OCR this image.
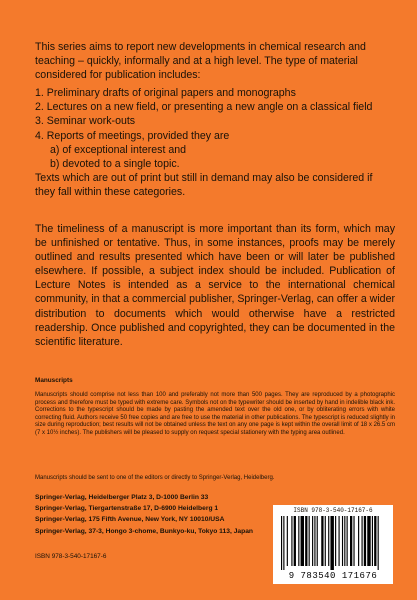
This series aims to report new developments in chemical research and teaching – quickly, informally and at a high level. The type of material considered for publication includes:

1. Preliminary drafts of original papers and monographs
2. Lectures on a new field, or presenting a new angle on a classical field
3. Seminar work-outs
4. Reports of meetings, provided they are
a) of exceptional interest and
b) devoted to a single topic.

Texts which are out of print but still in demand may also be considered if they fall within these categories.

The timeliness of a manuscript is more important than its form, which may be unfinished or tentative. Thus, in some instances, proofs may be merely outlined and results presented which have been or will later be published elsewhere. If possible, a subject index should be included. Publication of Lecture Notes is intended as a service to the international chemical community, in that a commercial publisher, Springer-Verlag, can offer a wider distribution to documents which would otherwise have a restricted readership. Once published and copyrighted, they can be documented in the scientific literature.

Manuscripts

Manuscripts should comprise not less than 100 and preferably not more than 500 pages. They are reproduced by a photographic process and therefore must be typed with extreme care. Symbols not on the typewriter should be inserted by hand in indelible black ink. Corrections to the typescript should be made by pasting the amended text over the old one, or by obliterating errors with white correcting fluid. Authors receive 50 free copies and are free to use the material in other publications. The typescript is reduced slightly in size during reproduction; best results will not be obtained unless the text on any one page is kept within the overall limit of 18 x 26.5 cm (7 x 10½ inches). The publishers will be pleased to supply on request special stationery with the typing area outlined.

Manuscripts should be sent to one of the editors or directly to Springer-Verlag, Heidelberg.

Springer-Verlag, Heidelberger Platz 3, D-1000 Berlin 33
Springer-Verlag, Tiergartenstraße 17, D-6900 Heidelberg 1
Springer-Verlag, 175 Fifth Avenue, New York, NY 10010/USA
Springer-Verlag, 37-3, Hongo 3-chome, Bunkyo-ku, Tokyo 113, Japan
ISBN 978-3-540-17167-6
ISBN 978-3-540-17167-6
9 783540 171676
